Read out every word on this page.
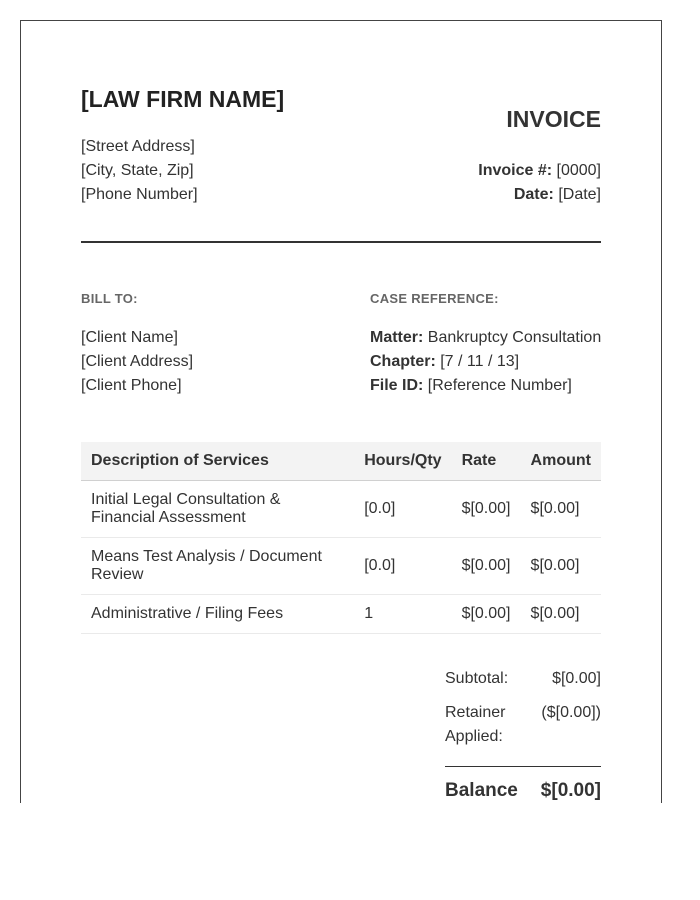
[LAW FIRM NAME]
[Street Address]
[City, State, Zip]
[Phone Number]
INVOICE
Invoice #: [0000]
Date: [Date]
BILL TO:	CASE REFERENCE:
[Client Name]
[Client Address]
[Client Phone]
Matter: Bankruptcy Consultation
Chapter: [7 / 11 / 13]
File ID: [Reference Number]
Description of Services	Hours/Qty	Rate	Amount
Initial Legal Consultation & Financial Assessment	[0.0]	$[0.00]	$[0.00]
Means Test Analysis / Document Review	[0.0]	$[0.00]	$[0.00]
Administrative / Filing Fees	1	$[0.00]	$[0.00]
Subtotal:	$[0.00]
Retainer Applied:
($[0.00])
Balance $[0.00]
